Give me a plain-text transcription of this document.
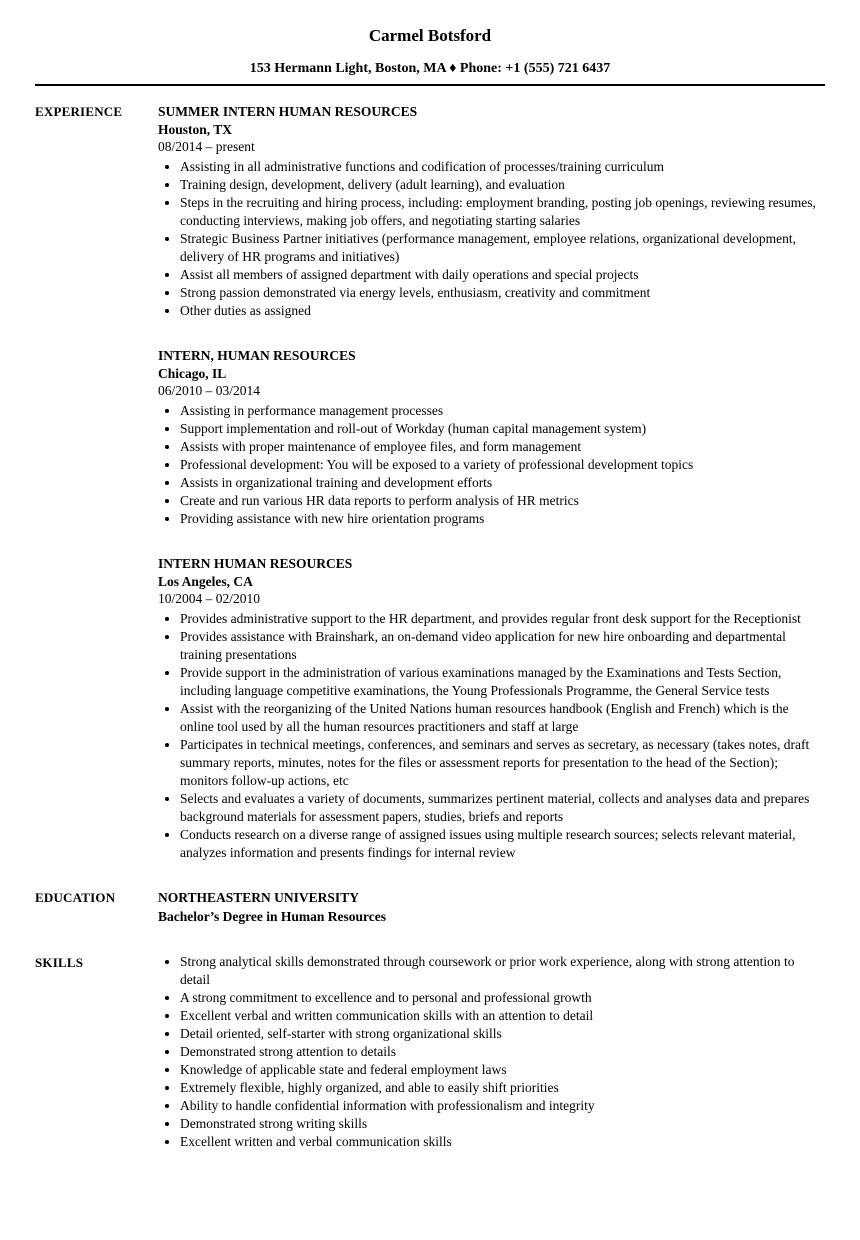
Carmel Botsford
153 Hermann Light, Boston, MA ♦ Phone: +1 (555) 721 6437
EXPERIENCE	SUMMER INTERN HUMAN RESOURCES
Houston, TX
08/2014 – present
• Assisting in all administrative functions and codification of processes/training curriculum
• Training design, development, delivery (adult learning), and evaluation
• Steps in the recruiting and hiring process, including: employment branding, posting job openings, reviewing resumes, conducting interviews, making job offers, and negotiating starting salaries
• Strategic Business Partner initiatives (performance management, employee relations, organizational development, delivery of HR programs and initiatives)
• Assist all members of assigned department with daily operations and special projects
• Strong passion demonstrated via energy levels, enthusiasm, creativity and commitment
• Other duties as assigned
INTERN, HUMAN RESOURCES
Chicago, IL
06/2010 – 03/2014
• Assisting in performance management processes
• Support implementation and roll-out of Workday (human capital management system)
• Assists with proper maintenance of employee files, and form management
• Professional development: You will be exposed to a variety of professional development topics
• Assists in organizational training and development efforts
• Create and run various HR data reports to perform analysis of HR metrics
• Providing assistance with new hire orientation programs
INTERN HUMAN RESOURCES
Los Angeles, CA
10/2004 – 02/2010
• Provides administrative support to the HR department, and provides regular front desk support for the Receptionist
• Provides assistance with Brainshark, an on-demand video application for new hire onboarding and departmental training presentations
• Provide support in the administration of various examinations managed by the Examinations and Tests Section, including language competitive examinations, the Young Professionals Programme, the General Service tests
• Assist with the reorganizing of the United Nations human resources handbook (English and French) which is the online tool used by all the human resources practitioners and staff at large
• Participates in technical meetings, conferences, and seminars and serves as secretary, as necessary (takes notes, draft summary reports, minutes, notes for the files or assessment reports for presentation to the head of the Section); monitors follow-up actions, etc
• Selects and evaluates a variety of documents, summarizes pertinent material, collects and analyses data and prepares background materials for assessment papers, studies, briefs and reports
• Conducts research on a diverse range of assigned issues using multiple research sources; selects relevant material, analyzes information and presents findings for internal review
EDUCATION	NORTHEASTERN UNIVERSITY
Bachelor’s Degree in Human Resources
SKILLS	• Strong analytical skills demonstrated through coursework or prior work experience, along with strong attention to detail
• A strong commitment to excellence and to personal and professional growth
• Excellent verbal and written communication skills with an attention to detail
• Detail oriented, self-starter with strong organizational skills
• Demonstrated strong attention to details
• Knowledge of applicable state and federal employment laws
• Extremely flexible, highly organized, and able to easily shift priorities
• Ability to handle confidential information with professionalism and integrity
• Demonstrated strong writing skills
• Excellent written and verbal communication skills
